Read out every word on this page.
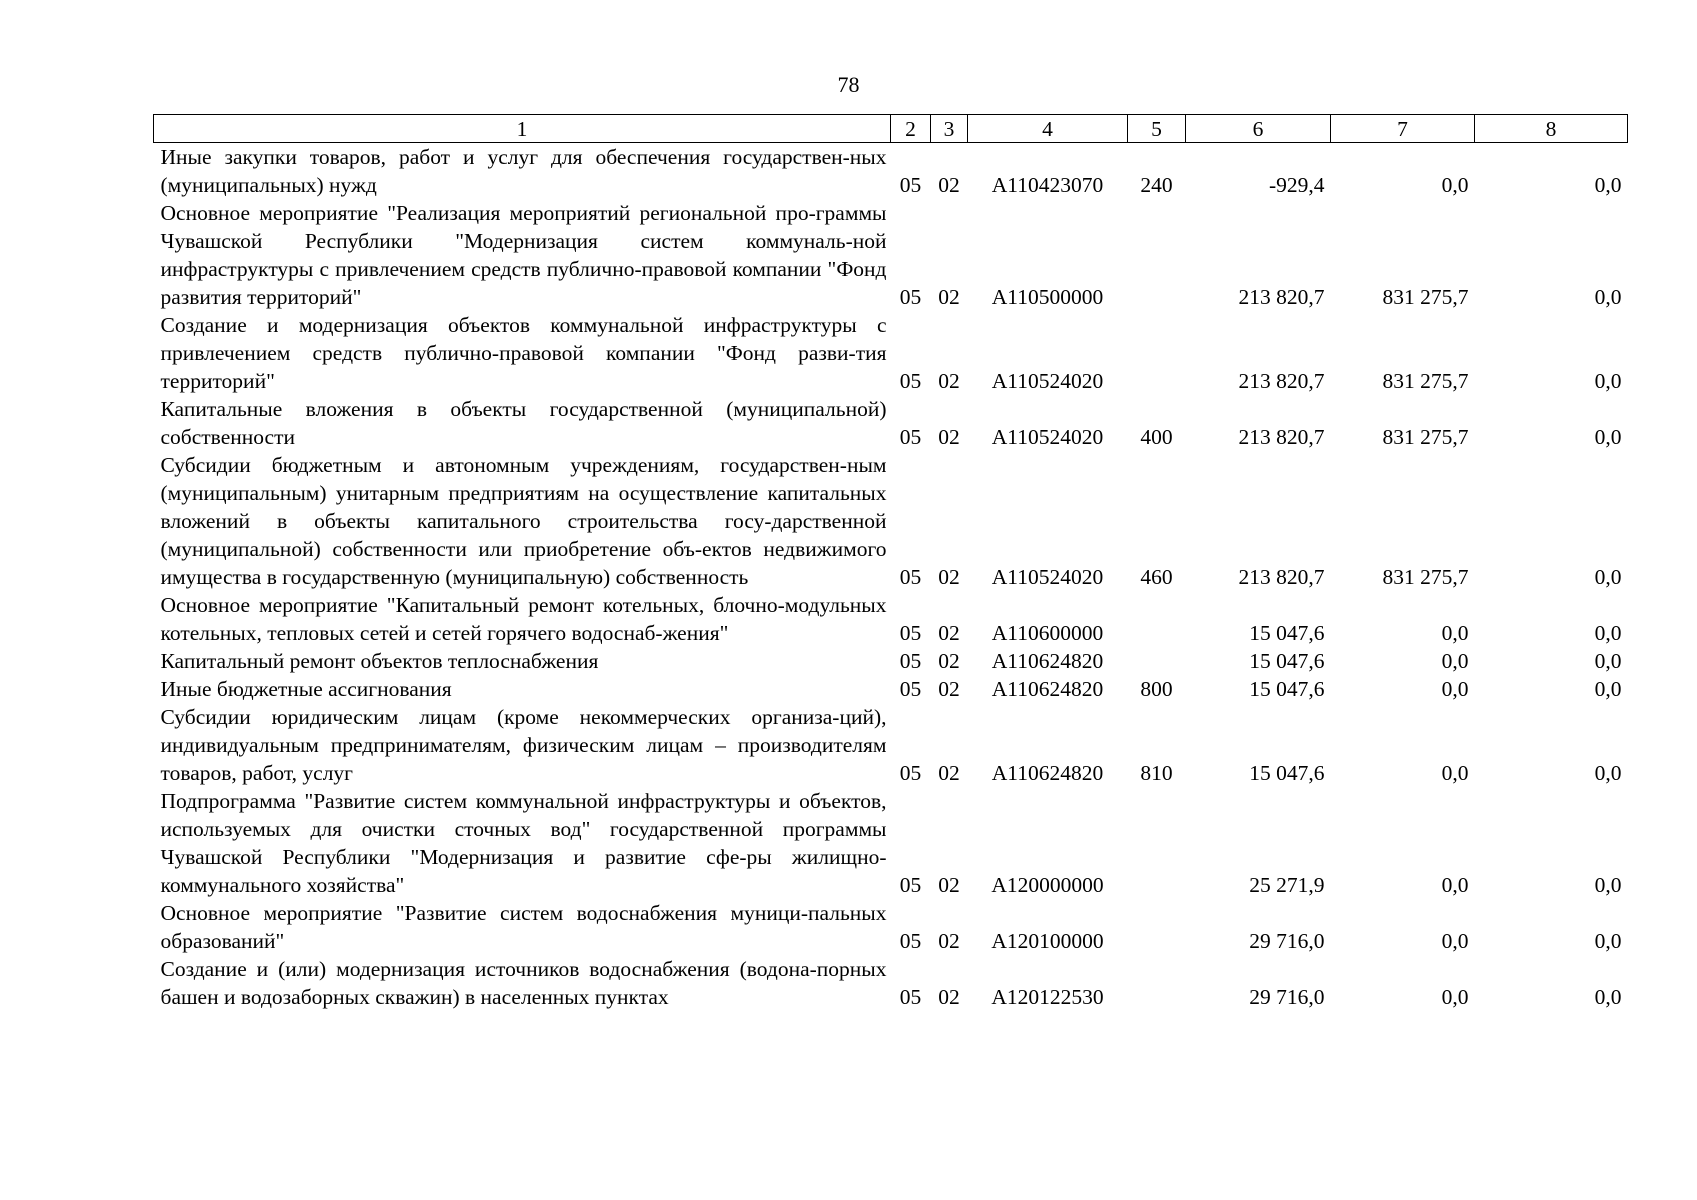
78
1	2	3	4	5	6	7	8
Иные закупки товаров, работ и услуг для обеспечения государствен-ных (муниципальных) нужд	05	02	А110423070	240	-929,4	0,0	0,0
Основное мероприятие "Реализация мероприятий региональной про-граммы Чувашской Республики "Модернизация систем коммуналь-ной инфраструктуры с привлечением средств публично-правовой компании "Фонд развития территорий"	05	02	А110500000		213 820,7	831 275,7	0,0
Создание и модернизация объектов коммунальной инфраструктуры с привлечением средств публично-правовой компании "Фонд разви-тия территорий"	05	02	А110524020		213 820,7	831 275,7	0,0
Капитальные вложения в объекты государственной (муниципальной) собственности	05	02	А110524020	400	213 820,7	831 275,7	0,0
Субсидии бюджетным и автономным учреждениям, государствен-ным (муниципальным) унитарным предприятиям на осуществление капитальных вложений в объекты капитального строительства госу-дарственной (муниципальной) собственности или приобретение объ-ектов недвижимого имущества в государственную (муниципальную) собственность	05	02	А110524020	460	213 820,7	831 275,7	0,0
Основное мероприятие "Капитальный ремонт котельных, блочно-модульных котельных, тепловых сетей и сетей горячего водоснаб-жения"	05	02	А110600000		15 047,6	0,0	0,0
Капитальный ремонт объектов теплоснабжения	05	02	А110624820		15 047,6	0,0	0,0
Иные бюджетные ассигнования	05	02	А110624820	800	15 047,6	0,0	0,0
Субсидии юридическим лицам (кроме некоммерческих организа-ций), индивидуальным предпринимателям, физическим лицам – производителям товаров, работ, услуг	05	02	А110624820	810	15 047,6	0,0	0,0
Подпрограмма "Развитие систем коммунальной инфраструктуры и объектов, используемых для очистки сточных вод" государственной программы Чувашской Республики "Модернизация и развитие сфе-ры жилищно-коммунального хозяйства"	05	02	А120000000		25 271,9	0,0	0,0
Основное мероприятие "Развитие систем водоснабжения муници-пальных образований"	05	02	А120100000		29 716,0	0,0	0,0
Создание и (или) модернизация источников водоснабжения (водона-порных башен и водозаборных скважин) в населенных пунктах	05	02	А120122530		29 716,0	0,0	0,0
